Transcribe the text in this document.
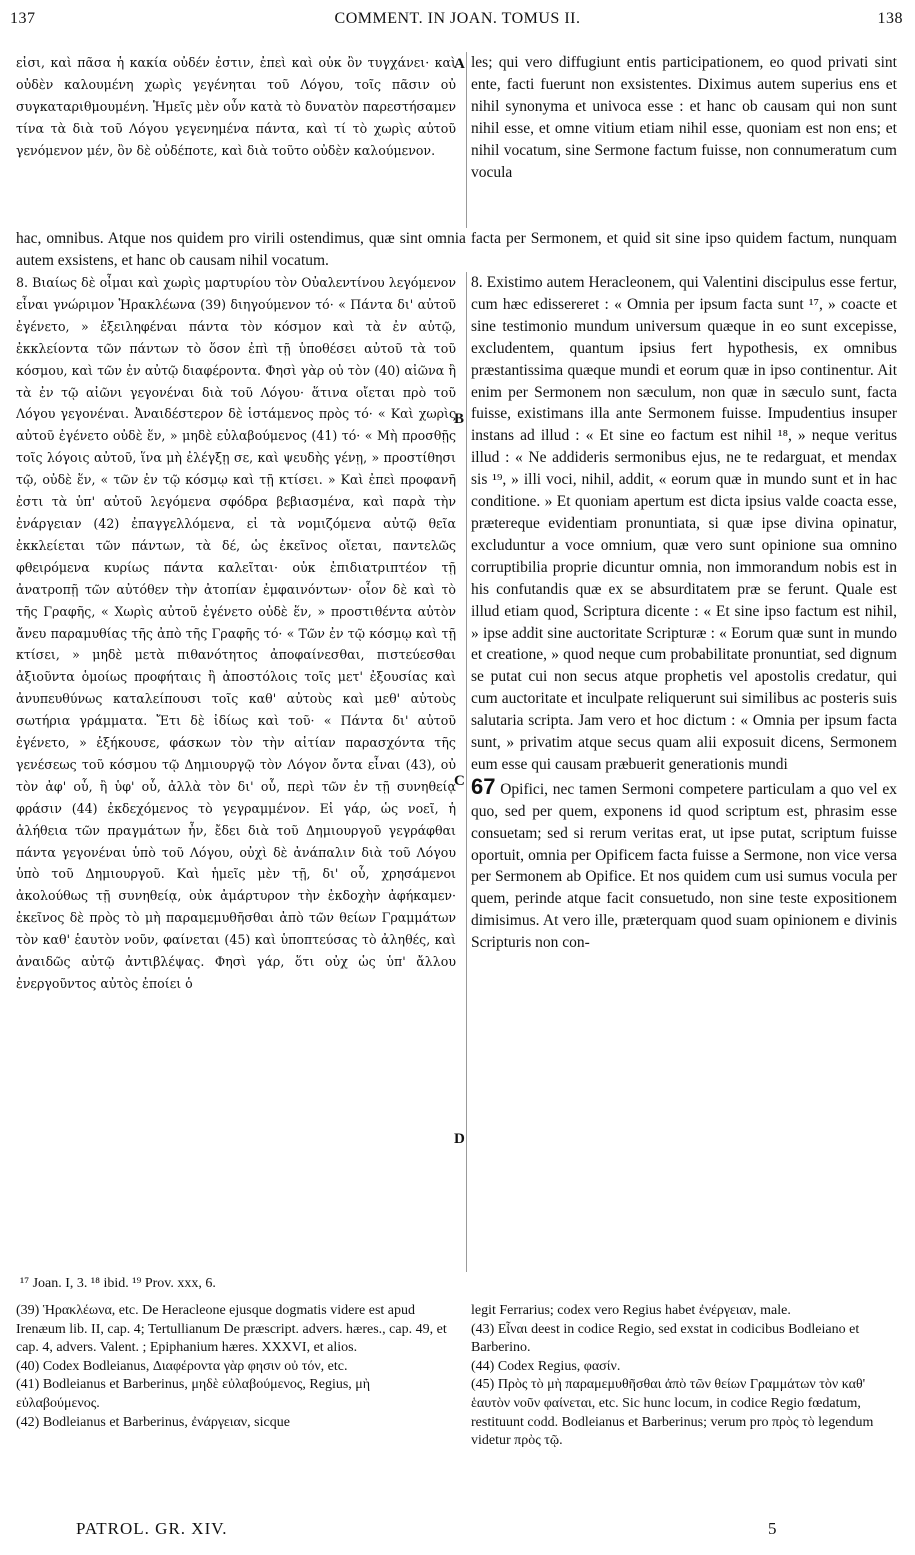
137	COMMENT. IN JOAN. TOMUS II.	138
εἰσι, καὶ πᾶσα ἡ κακία οὐδέν ἐστιν, ἐπεὶ καὶ οὐκ ὂν τυγχάνει· καὶ οὐδὲν καλουμένη χωρὶς γεγένηται τοῦ Λόγου, τοῖς πᾶσιν οὐ συγκαταριθμουμένη. Ἡμεῖς μὲν οὖν κατὰ τὸ δυνατὸν παρεστήσαμεν τίνα τὰ διὰ τοῦ Λόγου γεγενημένα πάντα, καὶ τί τὸ χωρὶς αὐτοῦ γενόμενον μέν, ὂν δὲ οὐδέποτε, καὶ διὰ τοῦτο οὐδὲν καλούμενον.
les; qui vero diffugiunt entis participationem, eo quod privati sint ente, facti fuerunt non exsistentes. Diximus autem superius ens et nihil synonyma et univoca esse : et hanc ob causam qui non sunt nihil esse, et omne vitium etiam nihil esse, quoniam est non ens; et nihil vocatum, sine Sermone factum fuisse, non connumeratum cum vocula
hac, omnibus. Atque nos quidem pro virili ostendimus, quæ sint omnia facta per Sermonem, et quid sit sine ipso quidem factum, nunquam autem exsistens, et hanc ob causam nihil vocatum.
A
B
C
D
8. Βιαίως δὲ οἶμαι καὶ χωρὶς μαρτυρίου τὸν Οὐαλεντίνου λεγόμενον εἶναι γνώριμον Ἡρακλέωνα (39) διηγούμενον τό· « Πάντα δι' αὐτοῦ ἐγένετο, » ἐξειληφέναι πάντα τὸν κόσμον καὶ τὰ ἐν αὐτῷ, ἐκκλείοντα τῶν πάντων τὸ ὅσον ἐπὶ τῇ ὑποθέσει αὐτοῦ τὰ τοῦ κόσμου, καὶ τῶν ἐν αὐτῷ διαφέροντα. Φησὶ γὰρ οὐ τὸν (40) αἰῶνα ἢ τὰ ἐν τῷ αἰῶνι γεγονέναι διὰ τοῦ Λόγου· ἅτινα οἴεται πρὸ τοῦ Λόγου γεγονέναι. Ἀναιδέστερον δὲ ἱστάμενος πρὸς τό· « Καὶ χωρὶς αὐτοῦ ἐγένετο οὐδὲ ἕν, » μηδὲ εὐλαβούμενος (41) τό· « Μὴ προσθῇς τοῖς λόγοις αὐτοῦ, ἵνα μὴ ἐλέγξῃ σε, καὶ ψευδὴς γένῃ, » προστίθησι τῷ, οὐδὲ ἕν, « τῶν ἐν τῷ κόσμῳ καὶ τῇ κτίσει. » Καὶ ἐπεὶ προφανῆ ἐστι τὰ ὑπ' αὐτοῦ λεγόμενα σφόδρα βεβιασμένα, καὶ παρὰ τὴν ἐνάργειαν (42) ἐπαγγελλόμενα, εἰ τὰ νομιζόμενα αὐτῷ θεῖα ἐκκλείεται τῶν πάντων, τὰ δέ, ὡς ἐκεῖνος οἴεται, παντελῶς φθειρόμενα κυρίως πάντα καλεῖται· οὐκ ἐπιδιατριπτέον τῇ ἀνατροπῇ τῶν αὐτόθεν τὴν ἀτοπίαν ἐμφαινόντων· οἷον δὲ καὶ τὸ τῆς Γραφῆς, « Χωρὶς αὐτοῦ ἐγένετο οὐδὲ ἕν, » προστιθέντα αὐτὸν ἄνευ παραμυθίας τῆς ἀπὸ τῆς Γραφῆς τό· « Τῶν ἐν τῷ κόσμῳ καὶ τῇ κτίσει, » μηδὲ μετὰ πιθανότητος ἀποφαίνεσθαι, πιστεύεσθαι ἀξιοῦντα ὁμοίως προφήταις ἢ ἀποστόλοις τοῖς μετ' ἐξουσίας καὶ ἀνυπευθύνως καταλείπουσι τοῖς καθ' αὐτοὺς καὶ μεθ' αὐτοὺς σωτήρια γράμματα. Ἔτι δὲ ἰδίως καὶ τοῦ· « Πάντα δι' αὐτοῦ ἐγένετο, » ἐξήκουσε, φάσκων τὸν τὴν αἰτίαν παρασχόντα τῆς γενέσεως τοῦ κόσμου τῷ Δημιουργῷ τὸν Λόγον ὄντα εἶναι (43), οὐ τὸν ἀφ' οὗ, ἢ ὑφ' οὗ, ἀλλὰ τὸν δι' οὗ, περὶ τῶν ἐν τῇ συνηθείᾳ φράσιν (44) ἐκδεχόμενος τὸ γεγραμμένον. Εἰ γάρ, ὡς νοεῖ, ἡ ἀλήθεια τῶν πραγμάτων ἦν, ἔδει διὰ τοῦ Δημιουργοῦ γεγράφθαι πάντα γεγονέναι ὑπὸ τοῦ Λόγου, οὐχὶ δὲ ἀνάπαλιν διὰ τοῦ Λόγου ὑπὸ τοῦ Δημιουργοῦ. Καὶ ἡμεῖς μὲν τῇ, δι' οὗ, χρησάμενοι ἀκολούθως τῇ συνηθείᾳ, οὐκ ἀμάρτυρον τὴν ἐκδοχὴν ἀφήκαμεν· ἐκεῖνος δὲ πρὸς τὸ μὴ παραμεμυθῆσθαι ἀπὸ τῶν θείων Γραμμάτων τὸν καθ' ἑαυτὸν νοῦν, φαίνεται (45) καὶ ὑποπτεύσας τὸ ἀληθές, καὶ ἀναιδῶς αὐτῷ ἀντιβλέψας. Φησὶ γάρ, ὅτι οὐχ ὡς ὑπ' ἄλλου ἐνεργοῦντος αὐτὸς ἐποίει ὁ
8. Existimo autem Heracleonem, qui Valentini discipulus esse fertur, cum hæc edissereret : « Omnia per ipsum facta sunt ¹⁷, » coacte et sine testimonio mundum universum quæque in eo sunt excepisse, excludentem, quantum ipsius fert hypothesis, ex omnibus præstantissima quæque mundi et eorum quæ in ipso continentur. Ait enim per Sermonem non sæculum, non quæ in sæculo sunt, facta fuisse, existimans illa ante Sermonem fuisse. Impudentius insuper instans ad illud : « Et sine eo factum est nihil ¹⁸, » neque veritus illud : « Ne addideris sermonibus ejus, ne te redarguat, et mendax sis ¹⁹, » illi voci, nihil, addit, « eorum quæ in mundo sunt et in hac conditione. » Et quoniam apertum est dicta ipsius valde coacta esse, prætereque evidentiam pronuntiata, si quæ ipse divina opinatur, excluduntur a voce omnium, quæ vero sunt opinione sua omnino corruptibilia proprie dicuntur omnia, non immorandum nobis est in his confutandis quæ ex se absurditatem præ se ferunt. Quale est illud etiam quod, Scriptura dicente : « Et sine ipso factum est nihil, » ipse addit sine auctoritate Scripturæ : « Eorum quæ sunt in mundo et creatione, » quod neque cum probabilitate pronuntiat, sed dignum se putat cui non secus atque prophetis vel apostolis credatur, qui cum auctoritate et inculpate reliquerunt sui similibus ac posteris suis salutaria scripta. Jam vero et hoc dictum : « Omnia per ipsum facta sunt, » privatim atque secus quam alii exposuit dicens, Sermonem eum esse qui causam præbuerit generationis mundi
67 Opifici, nec tamen Sermoni competere particulam a quo vel ex quo, sed per quem, exponens id quod scriptum est, phrasim esse consuetam; sed si rerum veritas erat, ut ipse putat, scriptum fuisse oportuit, omnia per Opificem facta fuisse a Sermone, non vice versa per Sermonem ab Opifice. Et nos quidem cum usi sumus vocula per quem, perinde atque facit consuetudo, non sine teste expositionem dimisimus. At vero ille, præterquam quod suam opinionem e divinis Scripturis non con-
¹⁷ Joan. I, 3. ¹⁸ ibid. ¹⁹ Prov. xxx, 6.

(39) Ἡρακλέωνα, etc. De Heracleone ejusque dogmatis videre est apud Irenæum lib. II, cap. 4; Tertullianum De præscript. advers. hæres., cap. 49, et cap. 4, advers. Valent. ; Epiphanium hæres. XXXVI, et alios.

(40) Codex Bodleianus, Διαφέροντα γὰρ φησιν οὐ τόν, etc.

(41) Bodleianus et Barberinus, μηδὲ εὐλαβούμενος, Regius, μὴ εὐλαβούμενος.

(42) Bodleianus et Barberinus, ἐνάργειαν, sicque

legit Ferrarius; codex vero Regius habet ἐνέργειαν, male.

(43) Εἶναι deest in codice Regio, sed exstat in codicibus Bodleiano et Barberino.

(44) Codex Regius, φασίν.

(45) Πρὸς τὸ μὴ παραμεμυθῆσθαι ἀπὸ τῶν θείων Γραμμάτων τὸν καθ' ἑαυτὸν νοῦν φαίνεται, etc. Sic hunc locum, in codice Regio fœdatum, restituunt codd. Bodleianus et Barberinus; verum pro πρὸς τὸ legendum videtur πρὸς τῷ.

PATROL. GR. XIV.	5
